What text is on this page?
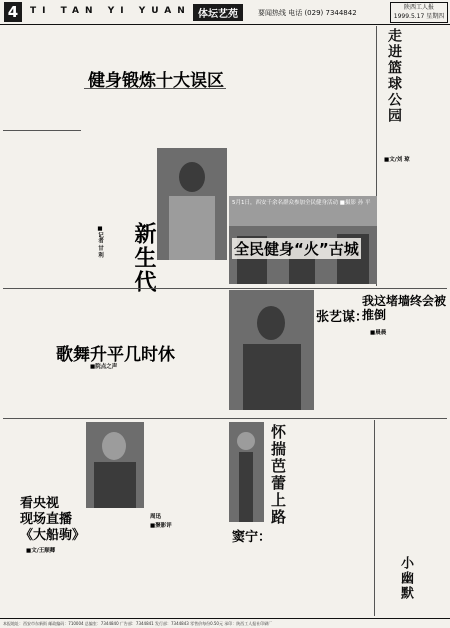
4	TI TAN YI YUAN 体坛艺苑	要闻热线 电话 (029) 7344842
陕西工人报 1999.5.17 星期四
健身锻炼十大误区	走进篮球公园
■文/刘 琼
新生代
■记者 甘 利
5月1日，西安千余名群众参加全民健身活动 ■摄影 孙 平
全民健身“火”古城
歌舞升平几时休
■院点之声
张艺谋：
我这堵墙终会被推倒
■晨晨
看央视
现场直播
《大船驹》
■文/王顺卿
周迅
■聚影评
窦宁：
怀揣芭蕾上路
小幽默
本报地址：西安市东新街 邮政编码：710004 总编室：7344840 广告部：7344841 发行部：7344843 零售价每份0.50元 承印：陕西工人报社印刷厂
